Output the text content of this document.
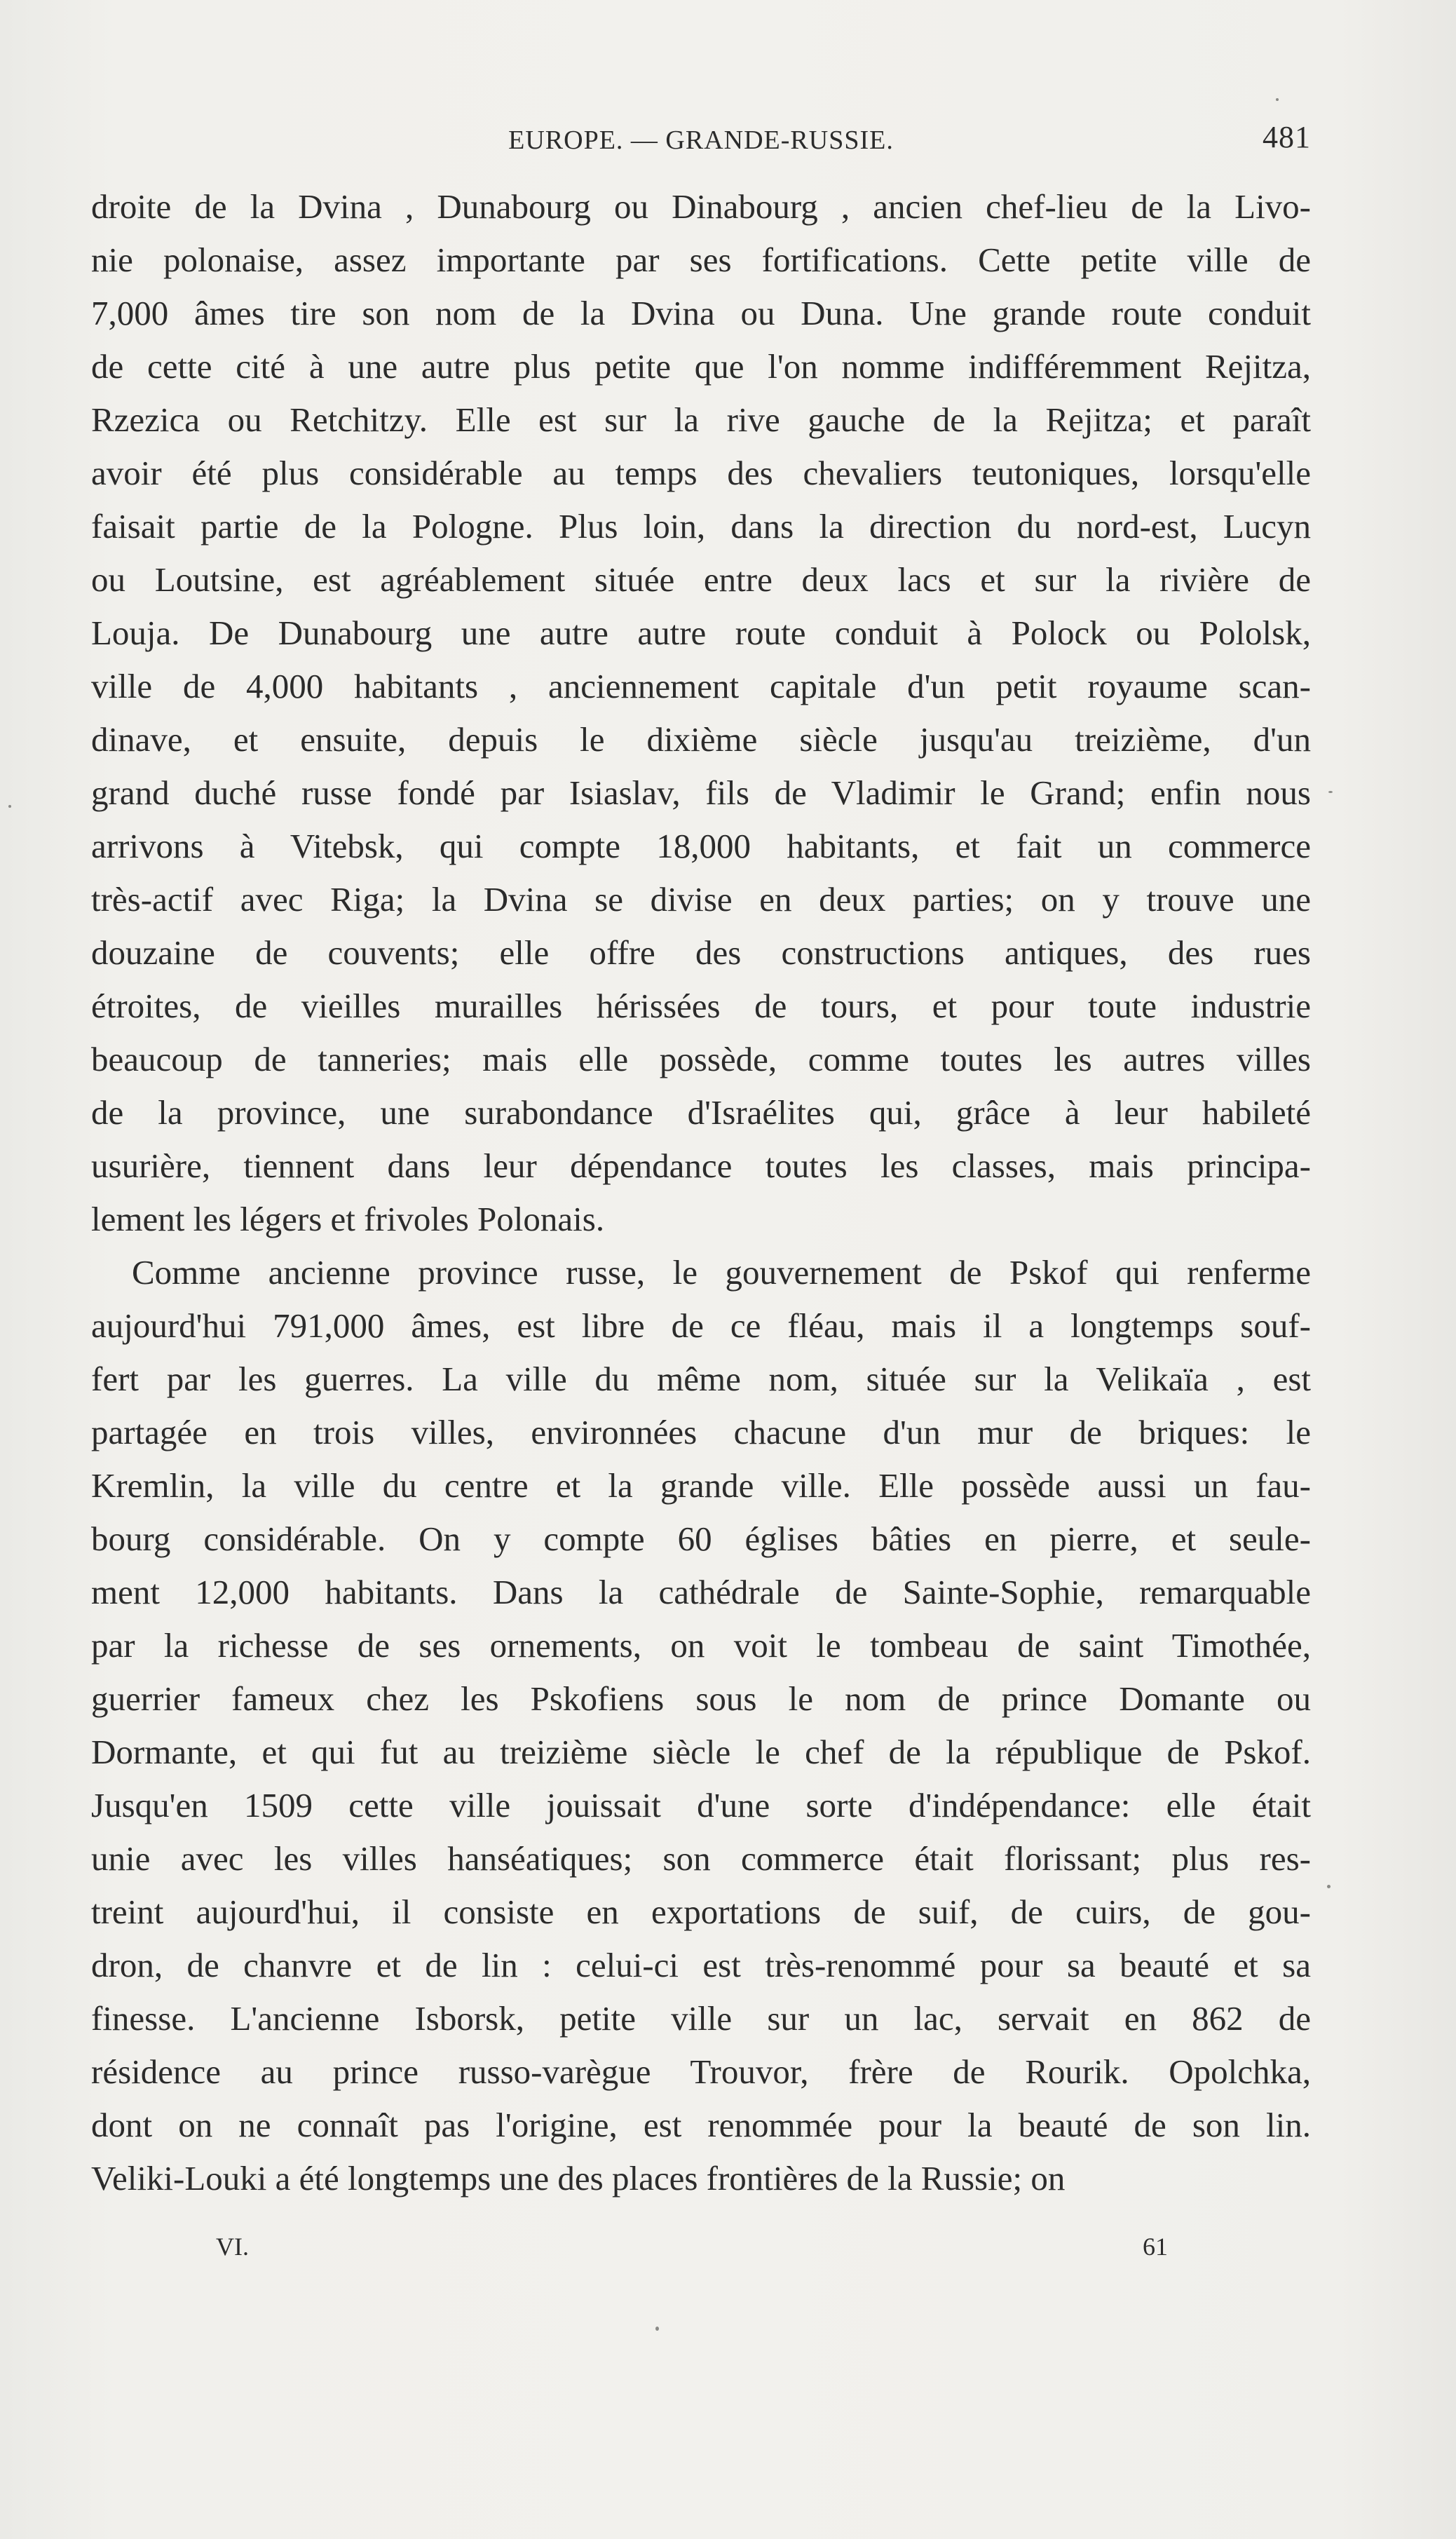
EUROPE. — GRANDE-RUSSIE.	481
droite de la Dvina , Dunabourg ou Dinabourg , ancien chef-lieu de la Livo-
nie polonaise, assez importante par ses fortifications. Cette petite ville de
7,000 âmes tire son nom de la Dvina ou Duna. Une grande route conduit
de cette cité à une autre plus petite que l'on nomme indifféremment Rejitza,
Rzezica ou Retchitzy. Elle est sur la rive gauche de la Rejitza; et paraît
avoir été plus considérable au temps des chevaliers teutoniques, lorsqu'elle
faisait partie de la Pologne. Plus loin, dans la direction du nord-est, Lucyn
ou Loutsine, est agréablement située entre deux lacs et sur la rivière de
Louja. De Dunabourg une autre autre route conduit à Polock ou Pololsk,
ville de 4,000 habitants , anciennement capitale d'un petit royaume scan-
dinave, et ensuite, depuis le dixième siècle jusqu'au treizième, d'un
grand duché russe fondé par Isiaslav, fils de Vladimir le Grand; enfin nous
arrivons à Vitebsk, qui compte 18,000 habitants, et fait un commerce
très-actif avec Riga; la Dvina se divise en deux parties; on y trouve une
douzaine de couvents; elle offre des constructions antiques, des rues
étroites, de vieilles murailles hérissées de tours, et pour toute industrie
beaucoup de tanneries; mais elle possède, comme toutes les autres villes
de la province, une surabondance d'Israélites qui, grâce à leur habileté
usurière, tiennent dans leur dépendance toutes les classes, mais principa-
lement les légers et frivoles Polonais.
Comme ancienne province russe, le gouvernement de Pskof qui renferme
aujourd'hui 791,000 âmes, est libre de ce fléau, mais il a longtemps souf-
fert par les guerres. La ville du même nom, située sur la Velikaïa , est
partagée en trois villes, environnées chacune d'un mur de briques: le
Kremlin, la ville du centre et la grande ville. Elle possède aussi un fau-
bourg considérable. On y compte 60 églises bâties en pierre, et seule-
ment 12,000 habitants. Dans la cathédrale de Sainte-Sophie, remarquable
par la richesse de ses ornements, on voit le tombeau de saint Timothée,
guerrier fameux chez les Pskofiens sous le nom de prince Domante ou
Dormante, et qui fut au treizième siècle le chef de la république de Pskof.
Jusqu'en 1509 cette ville jouissait d'une sorte d'indépendance: elle était
unie avec les villes hanséatiques; son commerce était florissant; plus res-
treint aujourd'hui, il consiste en exportations de suif, de cuirs, de gou-
dron, de chanvre et de lin : celui-ci est très-renommé pour sa beauté et sa
finesse. L'ancienne Isborsk, petite ville sur un lac, servait en 862 de
résidence au prince russo-varègue Trouvor, frère de Rourik. Opolchka,
dont on ne connaît pas l'origine, est renommée pour la beauté de son lin.
Veliki-Louki a été longtemps une des places frontières de la Russie; on
VI.	61
